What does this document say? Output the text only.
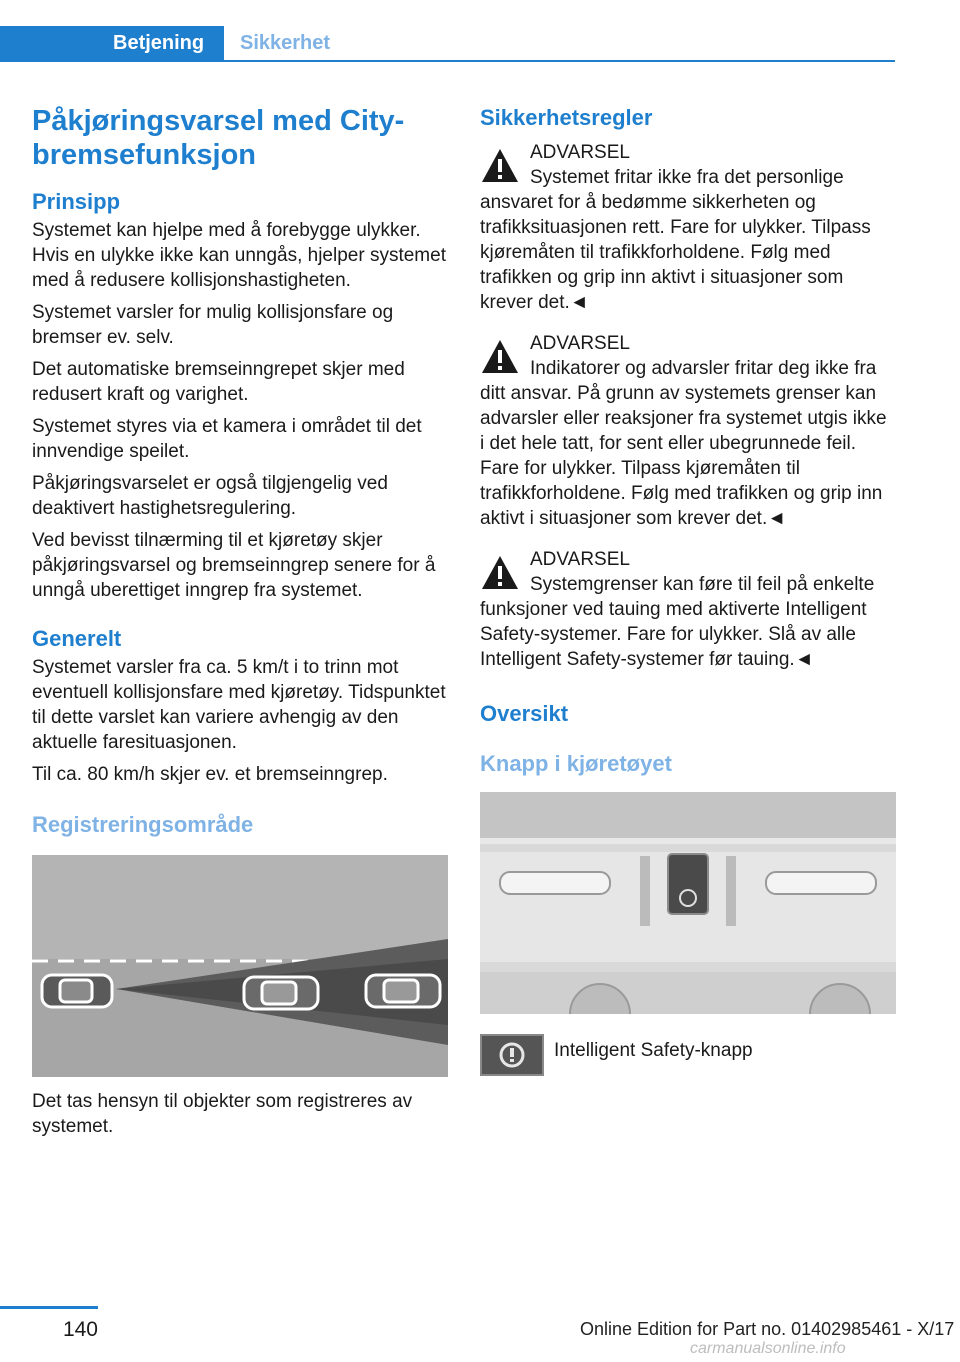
Betjening	Sikkerhet
Påkjøringsvarsel med City‑
bremsefunksjon
Prinsipp

Systemet kan hjelpe med å forebygge ulykker. Hvis en ulykke ikke kan unngås, hjelper systemet med å redusere kollisjonshastigheten.

Systemet varsler for mulig kollisjonsfare og bremser ev. selv.

Det automatiske bremseinngrepet skjer med redusert kraft og varighet.

Systemet styres via et kamera i området til det innvendige speilet.

Påkjøringsvarselet er også tilgjengelig ved deaktivert hastighetsregulering.

Ved bevisst tilnærming til et kjøretøy skjer påkjøringsvarsel og bremseinngrep senere for å unngå uberettiget inngrep fra systemet.

Generelt

Systemet varsler fra ca. 5 km/t i to trinn mot eventuell kollisjonsfare med kjøretøy. Tidspunktet til dette varslet kan variere avhengig av den aktuelle faresituasjonen.

Til ca. 80 km/h skjer ev. et bremseinngrep.

Registreringsområde

Det tas hensyn til objekter som registreres av systemet.

Sikkerhetsregler
ADVARSEL

Systemet fritar ikke fra det personlige ansvaret for å bedømme sikkerheten og trafikksituasjonen rett. Fare for ulykker. Tilpass kjøremåten til trafikkforholdene. Følg med trafikken og grip inn aktivt i situasjoner som krever det.◄

ADVARSEL

Indikatorer og advarsler fritar deg ikke fra ditt ansvar. På grunn av systemets grenser kan advarsler eller reaksjoner fra systemet utgis ikke i det hele tatt, for sent eller ubegrunnede feil. Fare for ulykker. Tilpass kjøremåten til trafikkforholdene. Følg med trafikken og grip inn aktivt i situasjoner som krever det.◄

ADVARSEL

Systemgrenser kan føre til feil på enkelte funksjoner ved tauing med aktiverte Intelligent Safety-systemer. Fare for ulykker. Slå av alle Intelligent Safety-systemer før tauing.◄

Oversikt
Knapp i kjøretøyet
Intelligent Safety-knapp
140	Online Edition for Part no. 01402985461 - X/17
carmanualsonline.info
